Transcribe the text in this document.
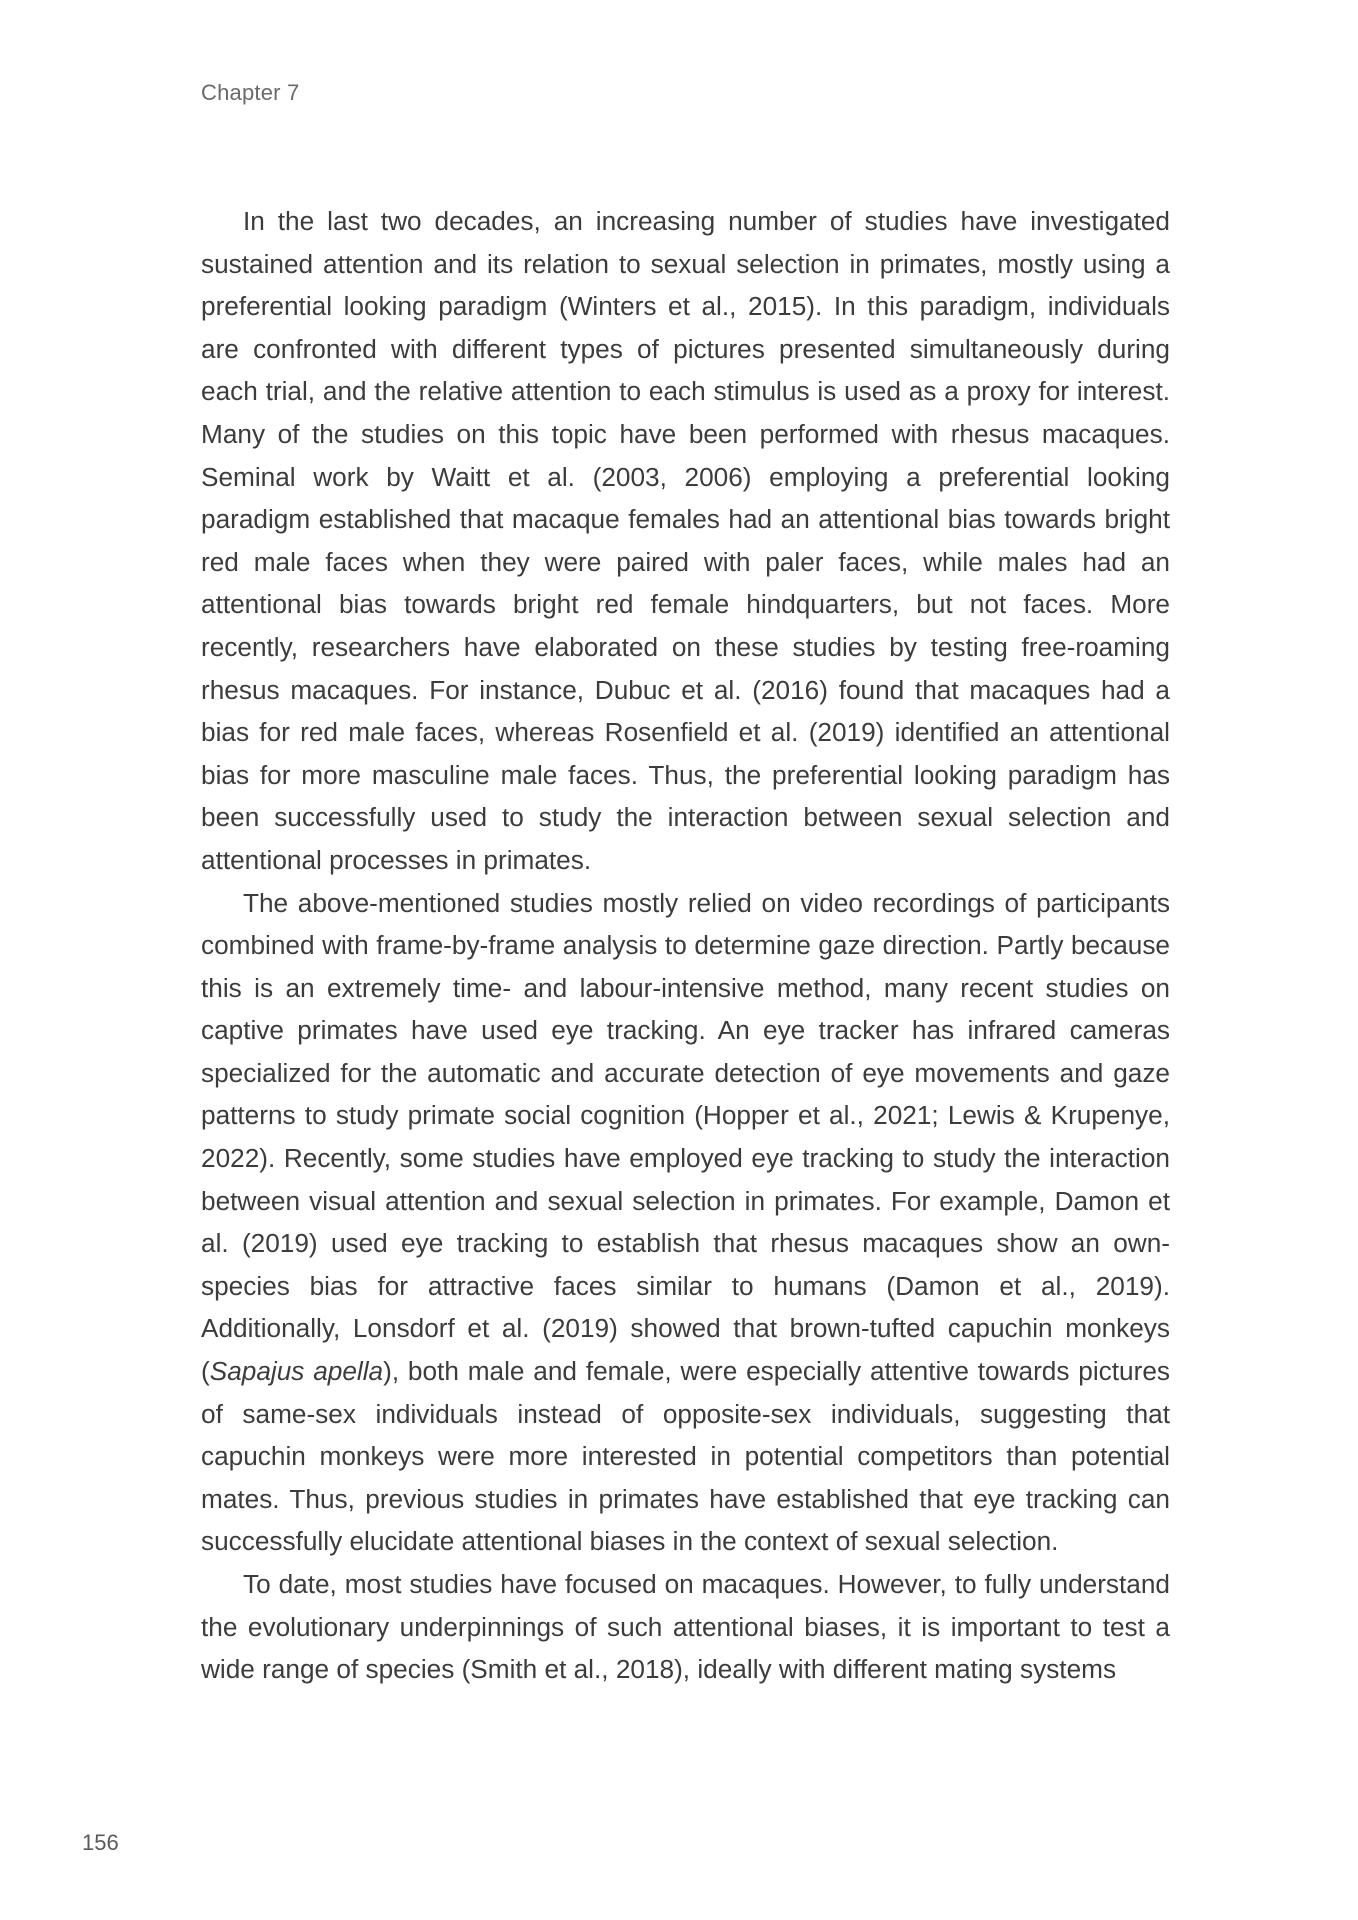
Chapter 7

In the last two decades, an increasing number of studies have investigated sustained attention and its relation to sexual selection in primates, mostly using a preferential looking paradigm (Winters et al., 2015). In this paradigm, individuals are confronted with different types of pictures presented simultaneously during each trial, and the relative attention to each stimulus is used as a proxy for interest. Many of the studies on this topic have been performed with rhesus macaques. Seminal work by Waitt et al. (2003, 2006) employing a preferential looking paradigm established that macaque females had an attentional bias towards bright red male faces when they were paired with paler faces, while males had an attentional bias towards bright red female hindquarters, but not faces. More recently, researchers have elaborated on these studies by testing free-roaming rhesus macaques. For instance, Dubuc et al. (2016) found that macaques had a bias for red male faces, whereas Rosenfield et al. (2019) identified an attentional bias for more masculine male faces. Thus, the preferential looking paradigm has been successfully used to study the interaction between sexual selection and attentional processes in primates.

The above-mentioned studies mostly relied on video recordings of participants combined with frame-by-frame analysis to determine gaze direction. Partly because this is an extremely time- and labour-intensive method, many recent studies on captive primates have used eye tracking. An eye tracker has infrared cameras specialized for the automatic and accurate detection of eye movements and gaze patterns to study primate social cognition (Hopper et al., 2021; Lewis & Krupenye, 2022). Recently, some studies have employed eye tracking to study the interaction between visual attention and sexual selection in primates. For example, Damon et al. (2019) used eye tracking to establish that rhesus macaques show an own-species bias for attractive faces similar to humans (Damon et al., 2019). Additionally, Lonsdorf et al. (2019) showed that brown-tufted capuchin monkeys (Sapajus apella), both male and female, were especially attentive towards pictures of same-sex individuals instead of opposite-sex individuals, suggesting that capuchin monkeys were more interested in potential competitors than potential mates. Thus, previous studies in primates have established that eye tracking can successfully elucidate attentional biases in the context of sexual selection.

To date, most studies have focused on macaques. However, to fully understand the evolutionary underpinnings of such attentional biases, it is important to test a wide range of species (Smith et al., 2018), ideally with different mating systems

156
